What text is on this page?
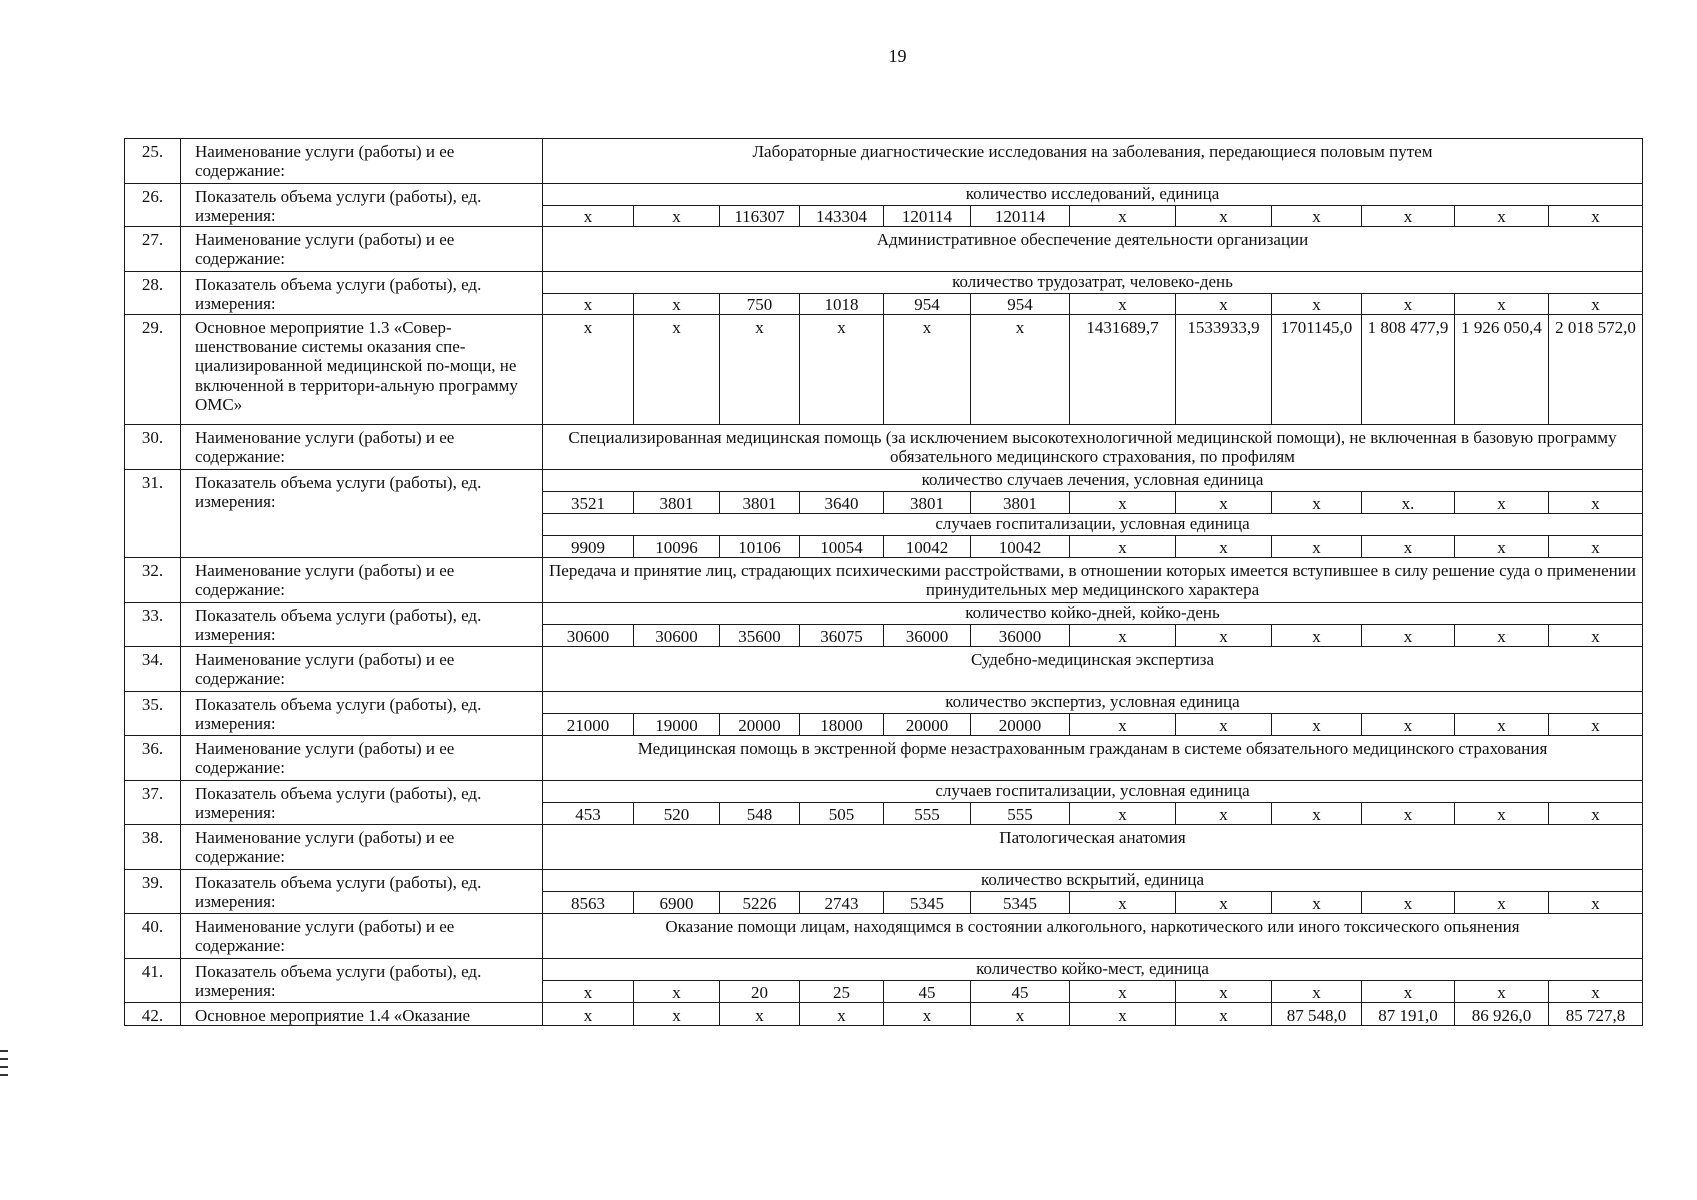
19
25.	Наименование услуги (работы) и ее содержание:	Лабораторные диагностические исследования на заболевания, передающиеся половым путем											
26.	Показатель объема услуги (работы), ед. измерения:	количество исследований, единица											
		х	х	116307	143304	120114	120114	х	х	х	х	х	х
27.	Наименование услуги (работы) и ее содержание:	Административное обеспечение деятельности организации											
28.	Показатель объема услуги (работы), ед. измерения:	количество трудозатрат, человеко-день											
		х	х	750	1018	954	954	х	х	х	х	х	х
29.	Основное мероприятие 1.3 «Совер-шенствование системы оказания спе-циализированной медицинской по-мощи, не включенной в территори-альную программу ОМС»	х	х	х	х	х	х	1431689,7	1533933,9	1701145,0	1 808 477,9	1 926 050,4	2 018 572,0
30.	Наименование услуги (работы) и ее содержание:	Специализированная медицинская помощь (за исключением высокотехнологичной медицинской помощи), не включенная в базовую программу обязательного медицинского страхования, по профилям											
31.	Показатель объема услуги (работы), ед. измерения:	количество случаев лечения, условная единица											
		3521	3801	3801	3640	3801	3801	х	х	х	х.	х	х
		случаев госпитализации, условная единица											
		9909	10096	10106	10054	10042	10042	х	х	х	х	х	х
32.	Наименование услуги (работы) и ее содержание:	Передача и принятие лиц, страдающих психическими расстройствами, в отношении которых имеется вступившее в силу решение суда о применении принудительных мер медицинского характера											
33.	Показатель объема услуги (работы), ед. измерения:	количество койко-дней, койко-день											
		30600	30600	35600	36075	36000	36000	х	х	х	х	х	х
34.	Наименование услуги (работы) и ее содержание:	Судебно-медицинская экспертиза											
35.	Показатель объема услуги (работы), ед. измерения:	количество экспертиз, условная единица											
		21000	19000	20000	18000	20000	20000	х	х	х	х	х	х
36.	Наименование услуги (работы) и ее содержание:	Медицинская помощь в экстренной форме незастрахованным гражданам в системе обязательного медицинского страхования											
37.	Показатель объема услуги (работы), ед. измерения:	случаев госпитализации, условная единица											
		453	520	548	505	555	555	х	х	х	х	х	х
38.	Наименование услуги (работы) и ее содержание:	Патологическая анатомия											
39.	Показатель объема услуги (работы), ед. измерения:	количество вскрытий, единица											
		8563	6900	5226	2743	5345	5345	х	х	х	х	х	х
40.	Наименование услуги (работы) и ее содержание:	Оказание помощи лицам, находящимся в состоянии алкогольного, наркотического или иного токсического опьянения											
41.	Показатель объема услуги (работы), ед. измерения:	количество койко-мест, единица											
		х	х	20	25	45	45	х	х	х	х	х	х
42.	Основное мероприятие 1.4 «Оказание	х	х	х	х	х	х	х	х	87 548,0	87 191,0	86 926,0	85 727,8
